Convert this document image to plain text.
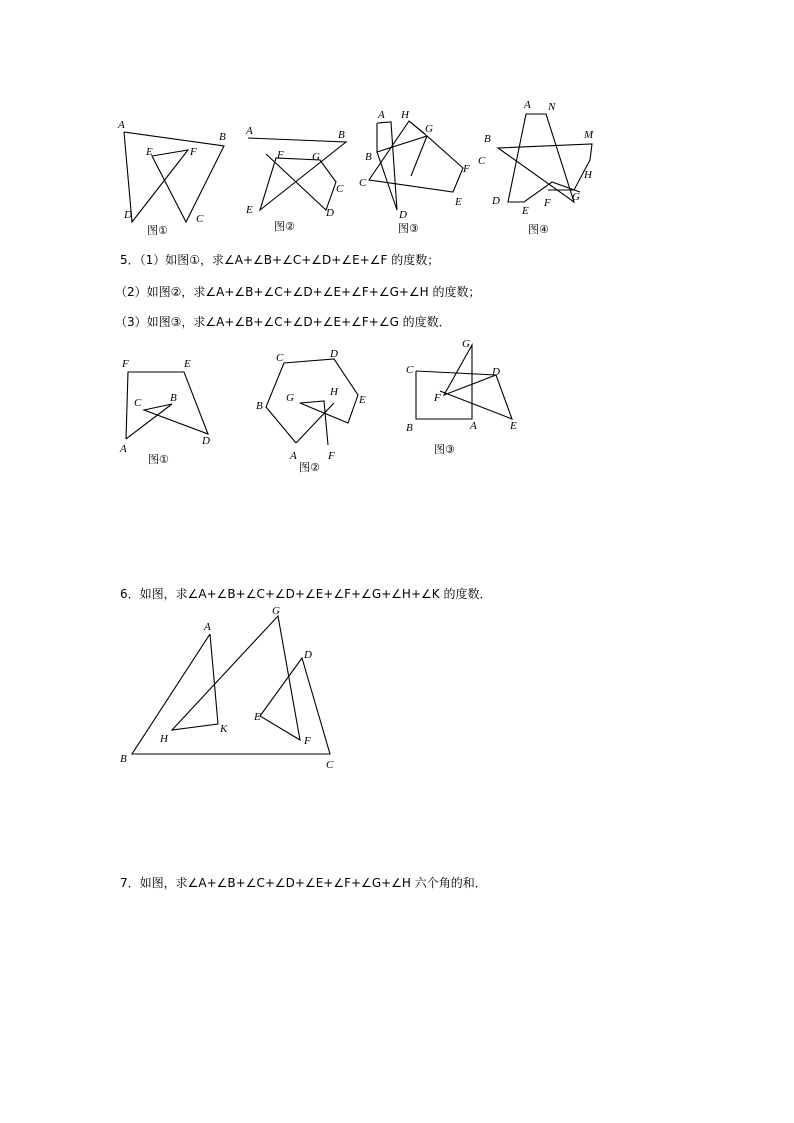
A
B
E	F
D	C
图①
A	B
F	G
C
E	D
图②
A H
G
B
F
C
E
D
图③
A N
B	M
C
H
D
E
F G
图④
5．（1）如图①，求∠A+∠B+∠C+∠D+∠E+∠F 的度数；
（2）如图②，求∠A+∠B+∠C+∠D+∠E+∠F+∠G+∠H 的度数；
（3）如图③，求∠A+∠B+∠C+∠D+∠E+∠F+∠G 的度数．
F	E
C	B
A
D
图①
C	D
B
G	H
E
A	F
图②
G
C	D
F
B	A	E
图③
6．如图，求∠A+∠B+∠C+∠D+∠E+∠F+∠G+∠H+∠K 的度数．
A
G
D
E
K
H	F
B	C
7．如图，求∠A+∠B+∠C+∠D+∠E+∠F+∠G+∠H 六个角的和．
